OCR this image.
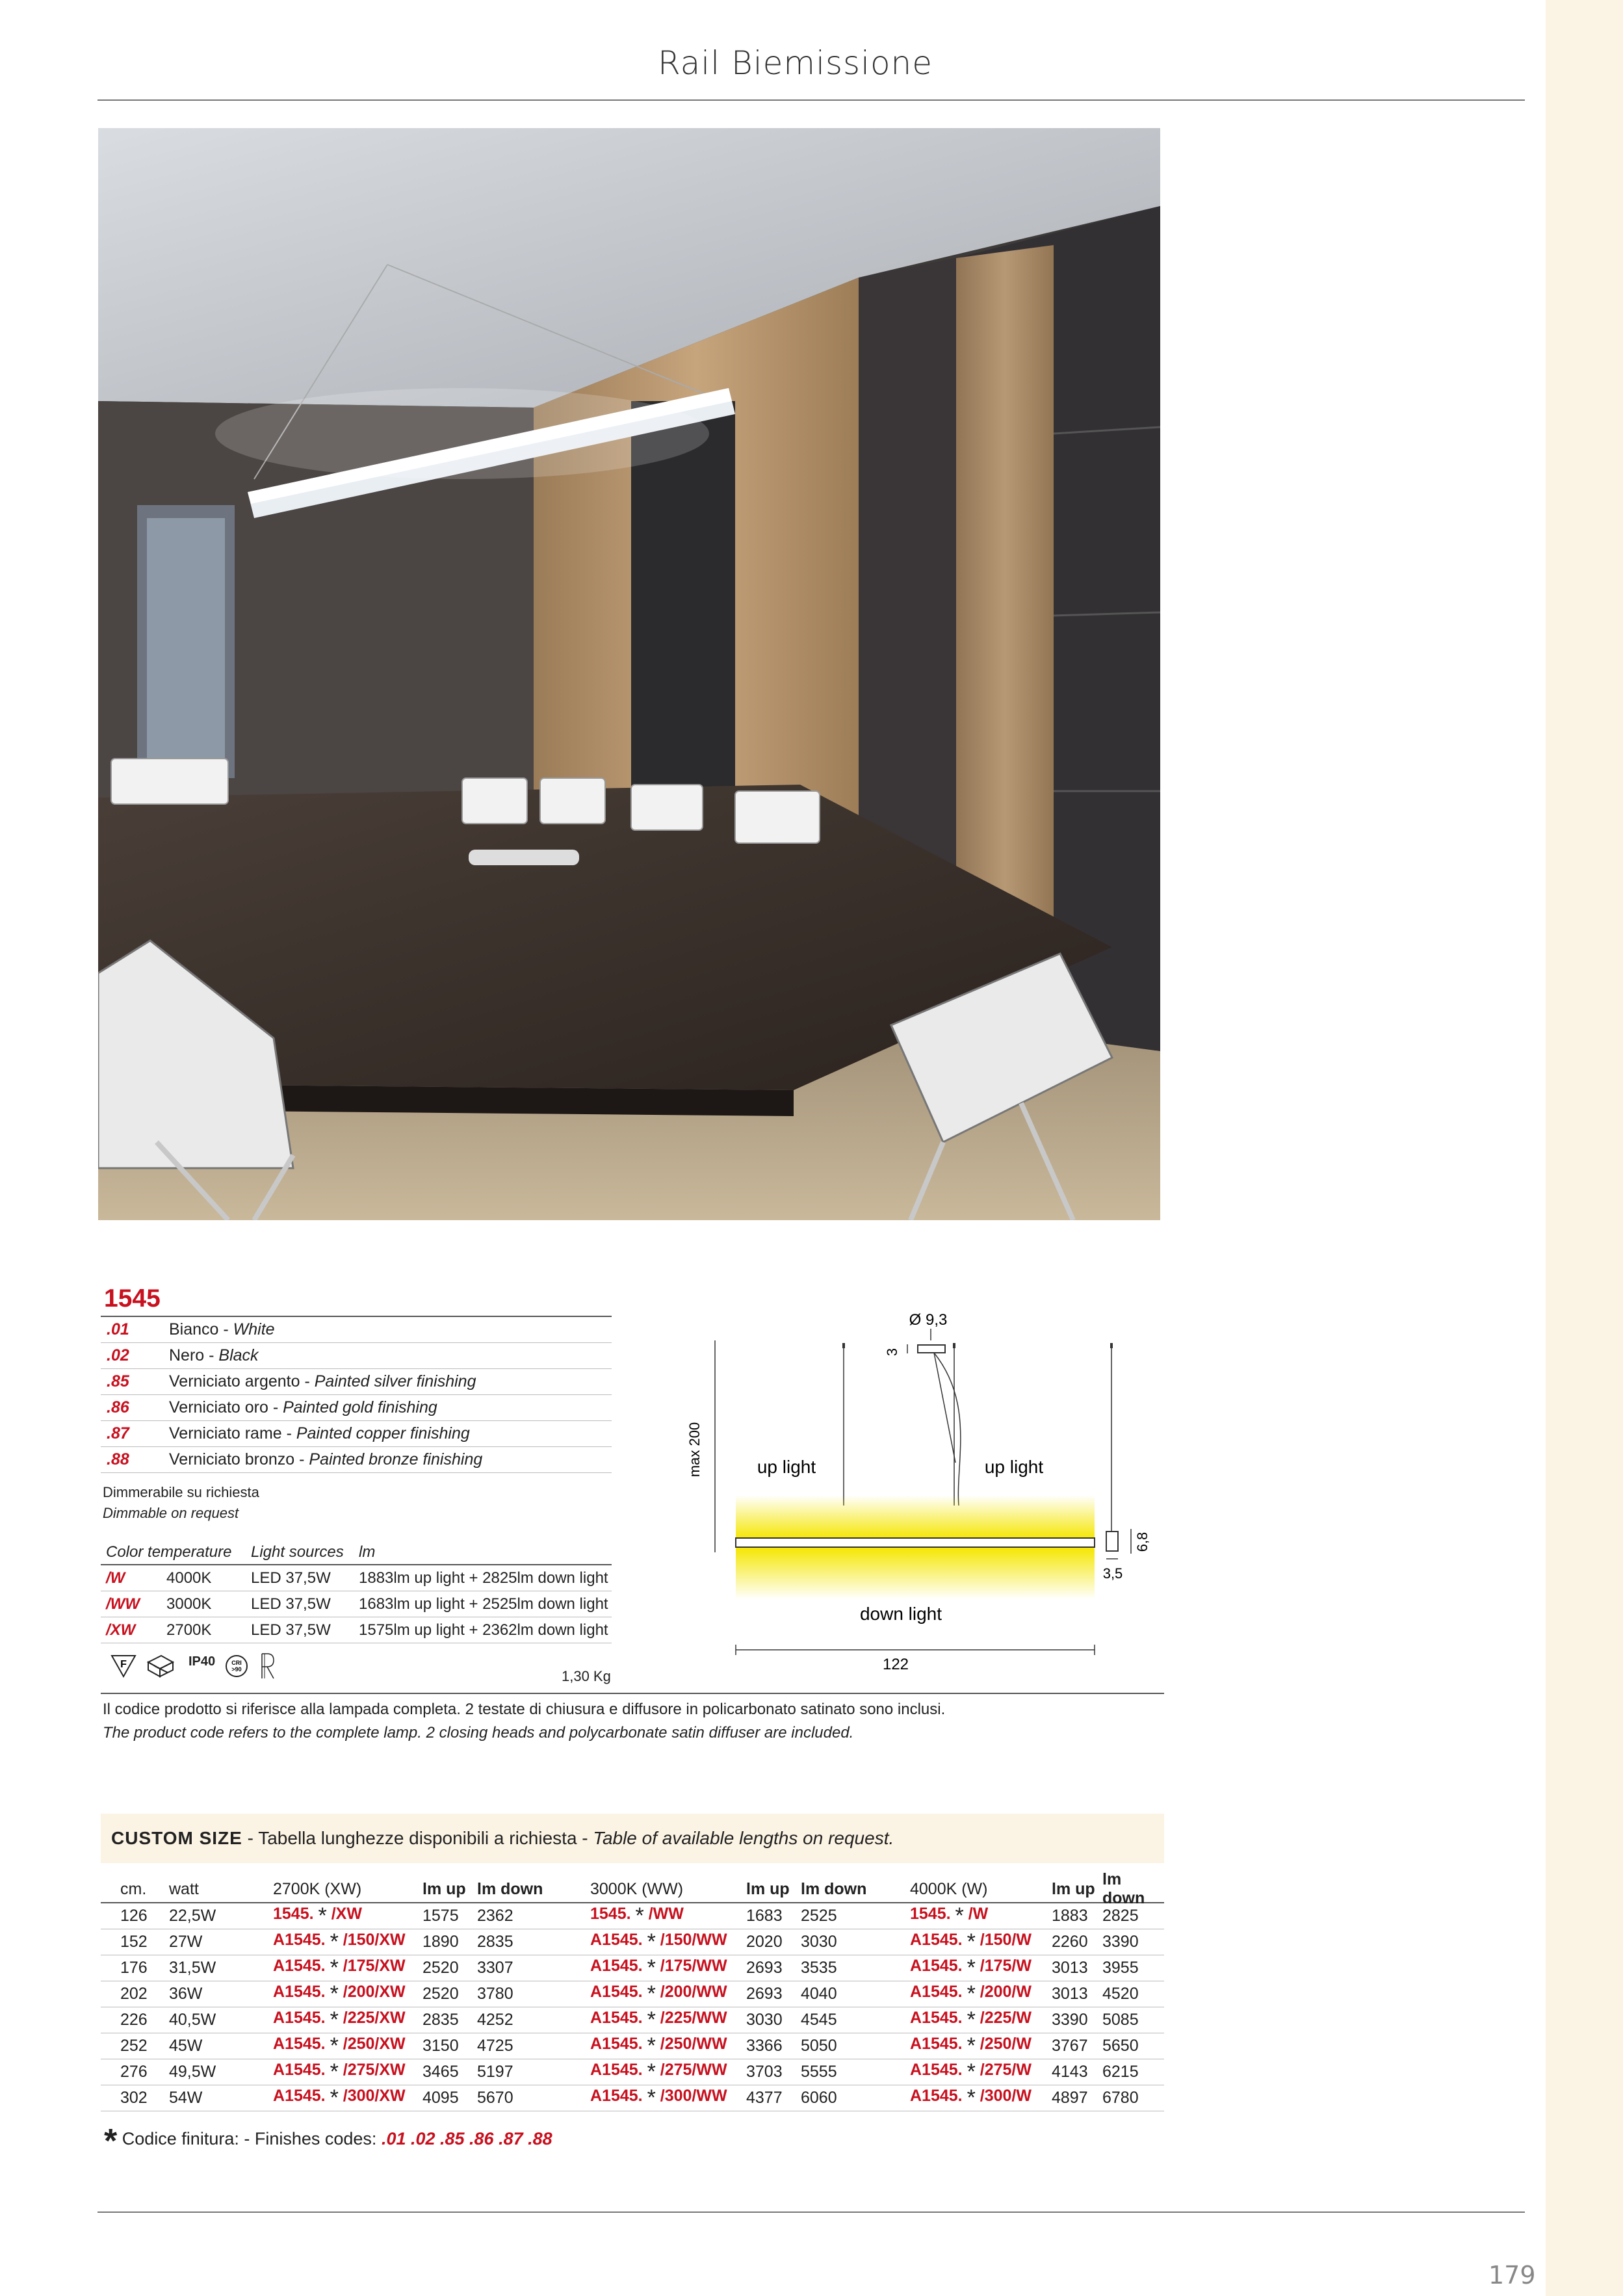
Rail Biemissione
1545
.01	Bianco - White
.02	Nero - Black
.85	Verniciato argento - Painted silver finishing
.86	Verniciato oro - Painted gold finishing
.87	Verniciato rame - Painted copper finishing
.88	Verniciato bronzo - Painted bronze finishing
Dimmerabile su richiesta
Dimmable on request
Color temperature	Light sources lm
/W	4000K	LED 37,5W	1883lm up light + 2825lm down light
/WW	3000K	LED 37,5W	1683lm up light + 2525lm down light
/XW	2700K	LED 37,5W	1575lm up light + 2362lm down light
F	IP40	CRI
>90	1,30 Kg
Il codice prodotto si riferisce alla lampada completa. 2 testate di chiusura e diffusore in policarbonato satinato sono inclusi.
The product code refers to the complete lamp. 2 closing heads and polycarbonate satin diffuser are included.
Ø 9,3
3
max 200	up light	up light
down light
122
6,8
3,5
CUSTOM SIZE - Tabella lunghezze disponibili a richiesta - Table of available lengths on request.
cm.	watt	2700K (XW)	lm up lm down	3000K (WW)	lm up lm down	4000K (W)	lm up
lm down
126	22,5W	1545. * /XW	1575	2362	1545. * /WW	1683	2525	1545. * /W	1883 2825
152	27W	A1545. * /150/XW	1890	2835	A1545. * /150/WW	2020	3030	A1545. * /150/W	2260 3390
176	31,5W	A1545. * /175/XW	2520	3307	A1545. * /175/WW	2693	3535	A1545. * /175/W	3013 3955
202	36W	A1545. * /200/XW	2520	3780	A1545. * /200/WW	2693	4040	A1545. * /200/W	3013 4520
226	40,5W	A1545. * /225/XW	2835	4252	A1545. * /225/WW	3030	4545	A1545. * /225/W	3390 5085
252	45W	A1545. * /250/XW	3150	4725	A1545. * /250/WW	3366	5050	A1545. * /250/W	3767 5650
276	49,5W	A1545. * /275/XW	3465	5197	A1545. * /275/WW	3703	5555	A1545. * /275/W	4143 6215
302	54W	A1545. * /300/XW	4095	5670	A1545. * /300/WW	4377	6060	A1545. * /300/W	4897 6780
* Codice finitura: - Finishes codes: .01 .02 .85 .86 .87 .88
179
